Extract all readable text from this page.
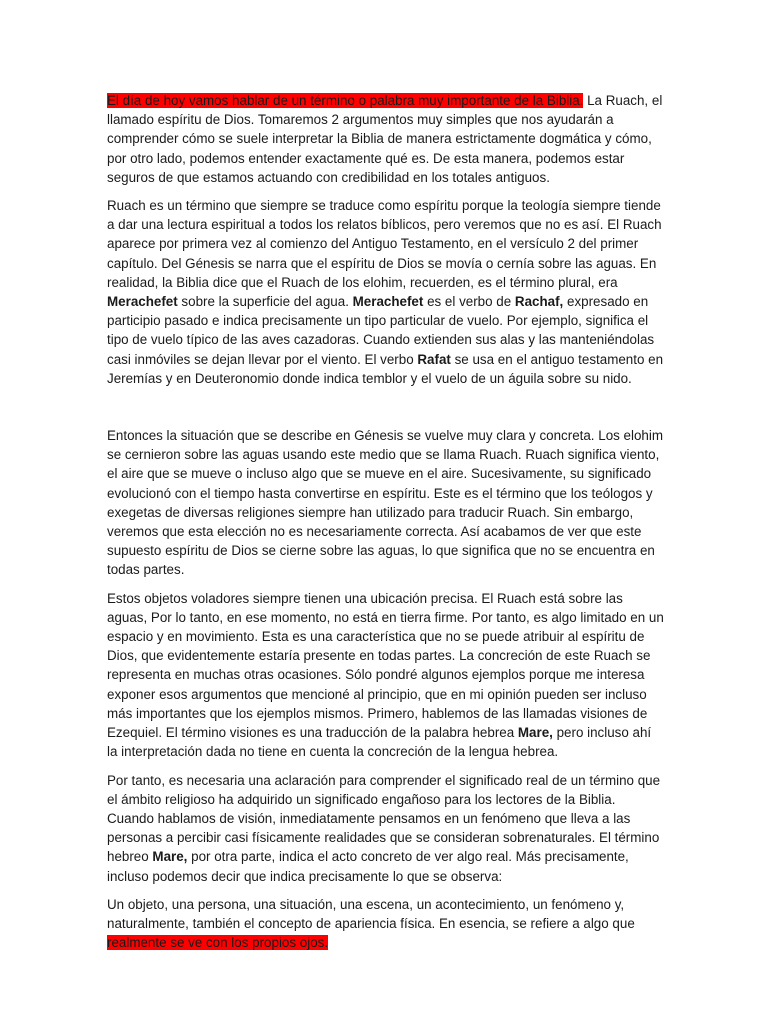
El día de hoy vamos hablar de un término o palabra muy importante de la Biblia. La Ruach, el llamado espíritu de Dios. Tomaremos 2 argumentos muy simples que nos ayudarán a comprender cómo se suele interpretar la Biblia de manera estrictamente dogmática y cómo, por otro lado, podemos entender exactamente qué es. De esta manera, podemos estar seguros de que estamos actuando con credibilidad en los totales antiguos.

Ruach es un término que siempre se traduce como espíritu porque la teología siempre tiende a dar una lectura espiritual a todos los relatos bíblicos, pero veremos que no es así. El Ruach aparece por primera vez al comienzo del Antiguo Testamento, en el versículo 2 del primer capítulo. Del Génesis se narra que el espíritu de Dios se movía o cernía sobre las aguas. En realidad, la Biblia dice que el Ruach de los elohim, recuerden, es el término plural, era Merachefet sobre la superficie del agua. Merachefet es el verbo de Rachaf, expresado en participio pasado e indica precisamente un tipo particular de vuelo. Por ejemplo, significa el tipo de vuelo típico de las aves cazadoras. Cuando extienden sus alas y las manteniéndolas casi inmóviles se dejan llevar por el viento. El verbo Rafat se usa en el antiguo testamento en Jeremías y en Deuteronomio donde indica temblor y el vuelo de un águila sobre su nido.

Entonces la situación que se describe en Génesis se vuelve muy clara y concreta. Los elohim se cernieron sobre las aguas usando este medio que se llama Ruach. Ruach significa viento, el aire que se mueve o incluso algo que se mueve en el aire. Sucesivamente, su significado evolucionó con el tiempo hasta convertirse en espíritu. Este es el término que los teólogos y exegetas de diversas religiones siempre han utilizado para traducir Ruach. Sin embargo, veremos que esta elección no es necesariamente correcta. Así acabamos de ver que este supuesto espíritu de Dios se cierne sobre las aguas, lo que significa que no se encuentra en todas partes.

Estos objetos voladores siempre tienen una ubicación precisa. El Ruach está sobre las aguas, Por lo tanto, en ese momento, no está en tierra firme. Por tanto, es algo limitado en un espacio y en movimiento. Esta es una característica que no se puede atribuir al espíritu de Dios, que evidentemente estaría presente en todas partes. La concreción de este Ruach se representa en muchas otras ocasiones. Sólo pondré algunos ejemplos porque me interesa exponer esos argumentos que mencioné al principio, que en mi opinión pueden ser incluso más importantes que los ejemplos mismos. Primero, hablemos de las llamadas visiones de Ezequiel. El término visiones es una traducción de la palabra hebrea Mare, pero incluso ahí la interpretación dada no tiene en cuenta la concreción de la lengua hebrea.

Por tanto, es necesaria una aclaración para comprender el significado real de un término que el ámbito religioso ha adquirido un significado engañoso para los lectores de la Biblia. Cuando hablamos de visión, inmediatamente pensamos en un fenómeno que lleva a las personas a percibir casi físicamente realidades que se consideran sobrenaturales. El término hebreo Mare, por otra parte, indica el acto concreto de ver algo real. Más precisamente, incluso podemos decir que indica precisamente lo que se observa:

Un objeto, una persona, una situación, una escena, un acontecimiento, un fenómeno y, naturalmente, también el concepto de apariencia física. En esencia, se refiere a algo que realmente se ve con los propios ojos.
